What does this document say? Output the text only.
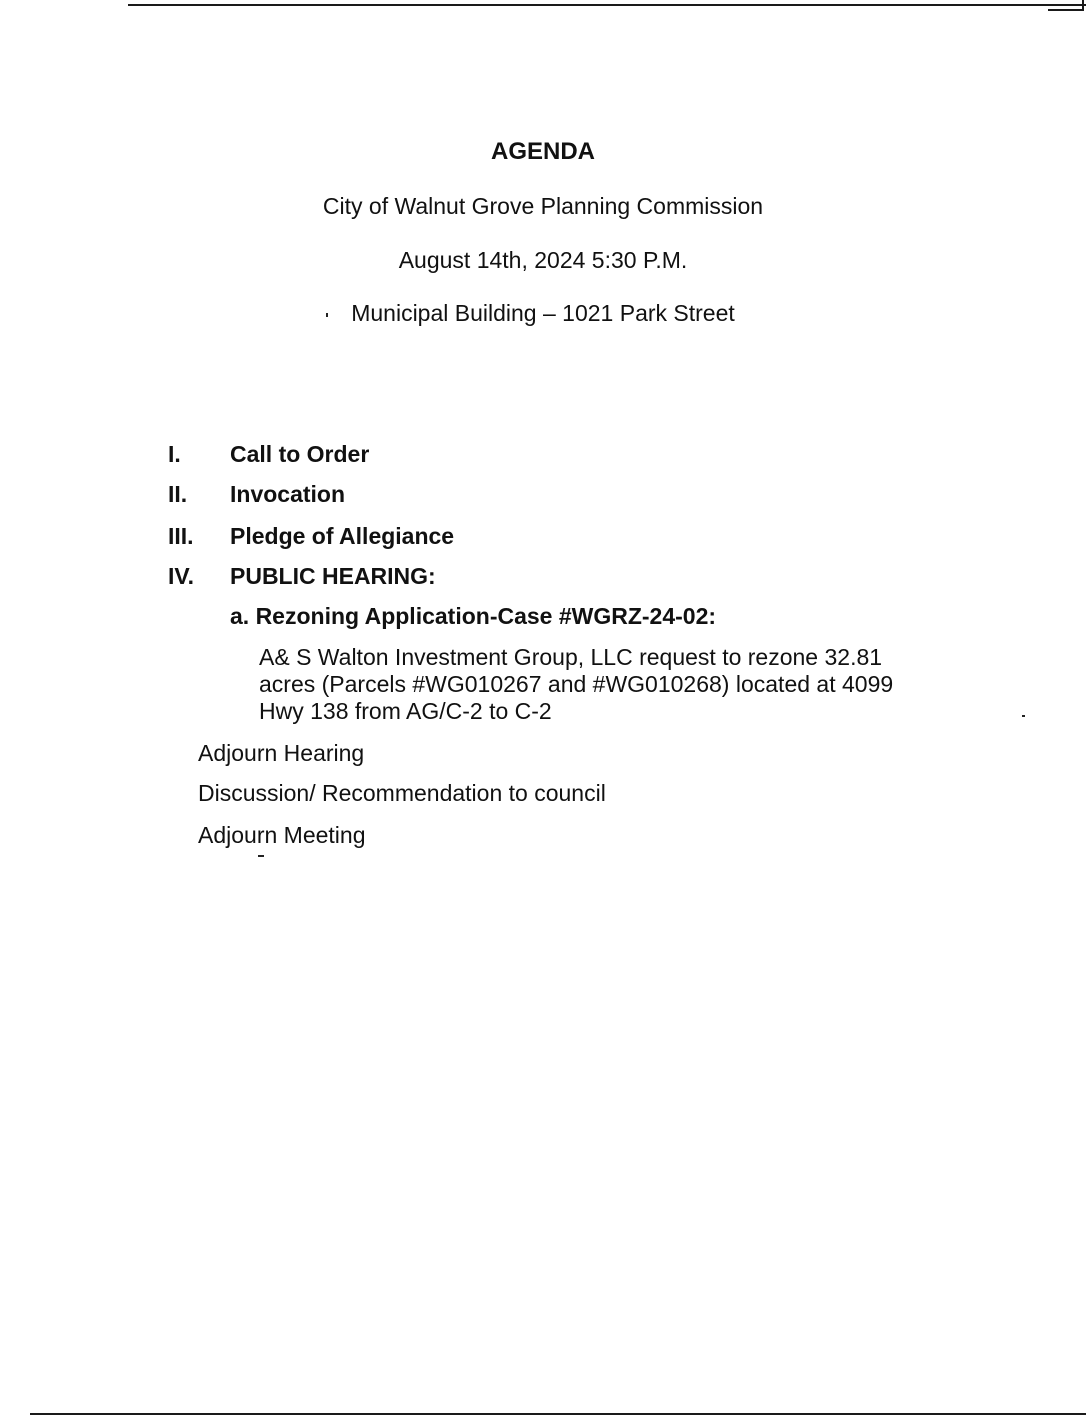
AGENDA
City of Walnut Grove Planning Commission
August 14th, 2024 5:30 P.M.
Municipal Building – 1021 Park Street
I. Call to Order
II. Invocation
III. Pledge of Allegiance
IV. PUBLIC HEARING:
a. Rezoning Application-Case #WGRZ-24-02:
A& S Walton Investment Group, LLC request to rezone 32.81
acres (Parcels #WG010267 and #WG010268) located at 4099
Hwy 138 from AG/C-2 to C-2
Adjourn Hearing
Discussion/ Recommendation to council
Adjourn Meeting
